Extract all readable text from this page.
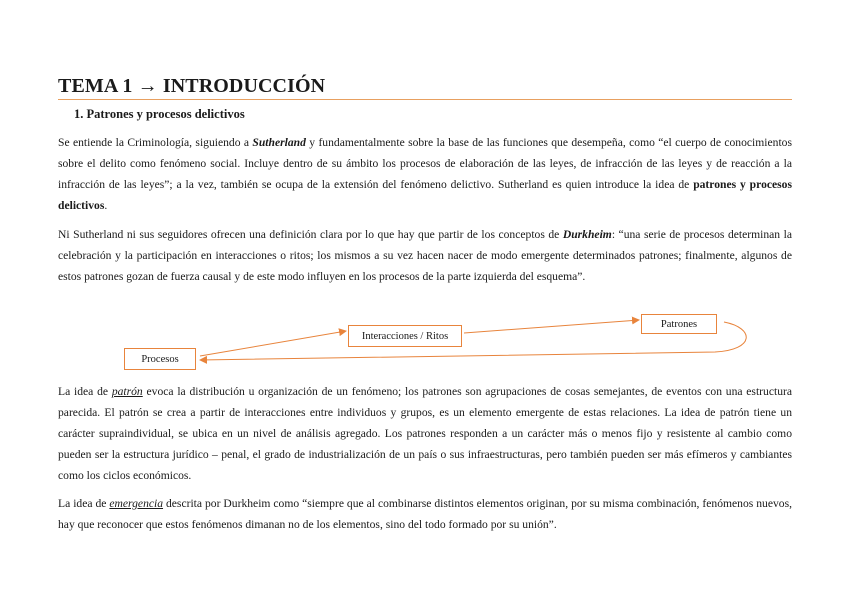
TEMA 1 → INTRODUCCIÓN
1. Patrones y procesos delictivos

Se entiende la Criminología, siguiendo a Sutherland y fundamentalmente sobre la base de las funciones que desempeña, como “el cuerpo de conocimientos sobre el delito como fenómeno social. Incluye dentro de su ámbito los procesos de elaboración de las leyes, de infracción de las leyes y de reacción a la infracción de las leyes”; a la vez, también se ocupa de la extensión del fenómeno delictivo. Sutherland es quien introduce la idea de patrones y procesos delictivos.

Ni Sutherland ni sus seguidores ofrecen una definición clara por lo que hay que partir de los conceptos de Durkheim: “una serie de procesos determinan la celebración y la participación en interacciones o ritos; los mismos a su vez hacen nacer de modo emergente determinados patrones; finalmente, algunos de estos patrones gozan de fuerza causal y de este modo influyen en los procesos de la parte izquierda del esquema”.

Procesos
Interacciones / Ritos
Patrones

La idea de patrón evoca la distribución u organización de un fenómeno; los patrones son agrupaciones de cosas semejantes, de eventos con una estructura parecida. El patrón se crea a partir de interacciones entre individuos y grupos, es un elemento emergente de estas relaciones. La idea de patrón tiene un carácter supraindividual, se ubica en un nivel de análisis agregado. Los patrones responden a un carácter más o menos fijo y resistente al cambio como pueden ser la estructura jurídico – penal, el grado de industrialización de un país o sus infraestructuras, pero también pueden ser más efímeros y cambiantes como los ciclos económicos.

La idea de emergencia descrita por Durkheim como “siempre que al combinarse distintos elementos originan, por su misma combinación, fenómenos nuevos, hay que reconocer que estos fenómenos dimanan no de los elementos, sino del todo formado por su unión”.
